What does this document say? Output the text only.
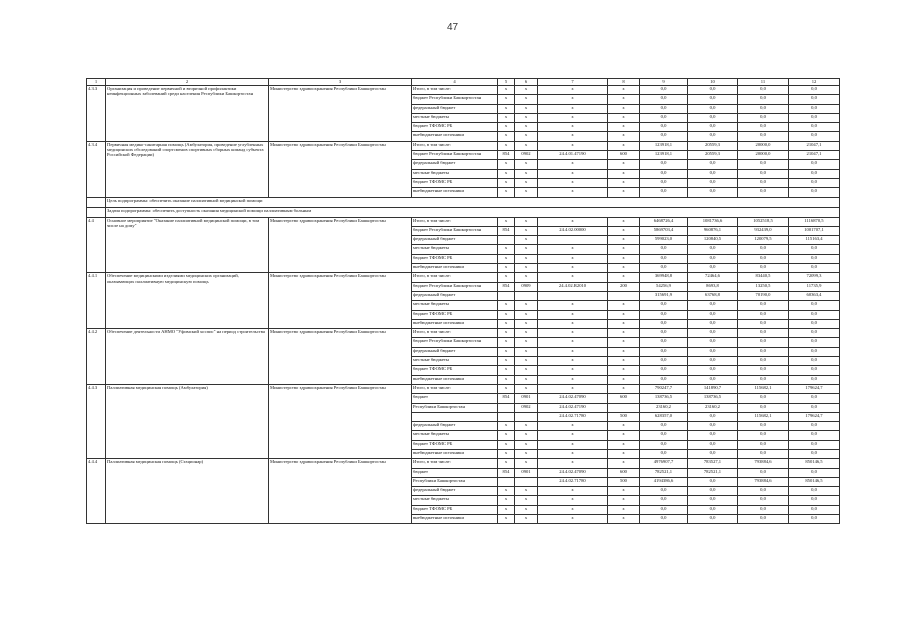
47
1	2	3	4	5	6	7	8	9	10	11	12
4.3.3	Организация и проведение первичной и вторичной профилактики неинфекционных заболеваний среди населения Республики Башкортостан	Министерство здравоохранения Республики Башкортостан	Итого, в том числе:	x	x	x	x	0,0	0,0	0,0	0,0
			бюджет Республики Башкортостан	x	x	x	x	0,0	0,0	0,0	0,0
			федеральный бюджет	x	x	x	x	0,0	0,0	0,0	0,0
			местные бюджеты	x	x	x	x	0,0	0,0	0,0	0,0
			бюджет ТФОМС РБ	x	x	x	x	0,0	0,0	0,0	0,0
			внебюджетные источники	x	x	x	x	0,0	0,0	0,0	0,0
4.3.4	Первичная медико-санитарная помощь (Амбулатория, проведение углубленных медицинских обследований спортсменов спортивных сборных команд субъекта Российской Федерации)	Министерство здравоохранения Республики Башкортостан	Итого, в том числе:	x	x	x	x	123918,1	20559,3	20000,0	21047,1
			бюджет Республики Башкортостан	854	0902	24.4.01.47190	600	123918,1	20559,3	20000,0	21047,1
			федеральный бюджет	x	x	x	x	0,0	0,0	0,0	0,0
			местные бюджеты	x	x	x	x	0,0	0,0	0,0	0,0
			бюджет ТФОМС РБ	x	x	x	x	0,0	0,0	0,0	0,0
			внебюджетные источники	x	x	x	x	0,0	0,0	0,0	0,0
	Цель подпрограммы: обеспечить оказание паллиативной медицинской помощи										
	Задача подпрограммы: обеспечить доступность оказания медицинской помощи паллиативным больным										
4.4	Основное мероприятие "Оказание паллиативной медицинской помощи, в том числе на дому"	Министерство здравоохранения Республики Башкортостан	Итого, в том числе:	x	x	x	x	6468726,4	1081736,6	1052518,5	1116870,5
			бюджет Республики Башкортостан	854	x	24.4.02.00000	x	5869703,4	960876,1	932439,0	1001707,1
			федеральный бюджет		x		x	599023,0	120840,5	120079,5	115163,4
			местные бюджеты	x	x	x	x	0,0	0,0	0,0	0,0
			бюджет ТФОМС РБ	x	x	x	x	0,0	0,0	0,0	0,0
			внебюджетные источники	x	x	x	x	0,0	0,0	0,0	0,0
4.4.1	Обеспечение медицинскими изделиями медицинских организаций, оказывающих паллиативную медицинскую помощь	Министерство здравоохранения Республики Башкортостан	Итого, в том числе:	x	x	x	x	369948,8	72464,6	83440,5	72099,3
			бюджет Республики Башкортостан	854	0909	24.4.02.R2010	200	54256,9	8693,8	13250,5	11735,9
			федеральный бюджет					315691,9	63768,8	70190,0	60363,4
			местные бюджеты	x	x	x	x	0,0	0,0	0,0	0,0
			бюджет ТФОМС РБ	x	x	x	x	0,0	0,0	0,0	0,0
			внебюджетные источники	x	x	x	x	0,0	0,0	0,0	0,0
4.4.2	Обеспечение деятельности АНМО "Уфимский хоспис" на период строительства	Министерство здравоохранения Республики Башкортостан	Итого, в том числе:	x	x	x	x	0,0	0,0	0,0	0,0
			бюджет Республики Башкортостан	x	x	x	x	0,0	0,0	0,0	0,0
			федеральный бюджет	x	x	x	x	0,0	0,0	0,0	0,0
			местные бюджеты	x	x	x	x	0,0	0,0	0,0	0,0
			бюджет ТФОМС РБ	x	x	x	x	0,0	0,0	0,0	0,0
			внебюджетные источники	x	x	x	x	0,0	0,0	0,0	0,0
4.4.3	Паллиативная медицинская помощь (Амбулатория)	Министерство здравоохранения Республики Башкортостан	Итого, в том числе:	x	x	x	x	790247,7	141890,7	115682,1	179624,7
			бюджет	854	0901	24.4.02.47090	600	138736,5	138736,5	0,0	0,0
			Республики Башкортостан		0902	24.4.02.47190		23160,2	23160,2	0,0	0,0
						24.4.02.71780	500	628357,0	0,0	115682,1	179624,7
			федеральный бюджет	x	x	x	x	0,0	0,0	0,0	0,0
			местные бюджеты	x	x	x	x	0,0	0,0	0,0	0,0
			бюджет ТФОМС РБ	x	x	x	x	0,0	0,0	0,0	0,0
			внебюджетные источники	x	x	x	x	0,0	0,0	0,0	0,0
4.4.4	Паллиативная медицинская помощь (Стационар)	Министерство здравоохранения Республики Башкортостан	Итого, в том числе:	x	x	x	x	4976907,7	783527,1	793884,6	850146,5
			бюджет	854	0901	24.4.02.47090	600	782521,1	782521,1	0,0	0,0
			Республики Башкортостан			24.4.02.71780	500	4194386,6	0,0	793884,6	850146,5
			федеральный бюджет	x	x	x	x	0,0	0,0	0,0	0,0
			местные бюджеты	x	x	x	x	0,0	0,0	0,0	0,0
			бюджет ТФОМС РБ	x	x	x	x	0,0	0,0	0,0	0,0
			внебюджетные источники	x	x	x	x	0,0	0,0	0,0	0,0
